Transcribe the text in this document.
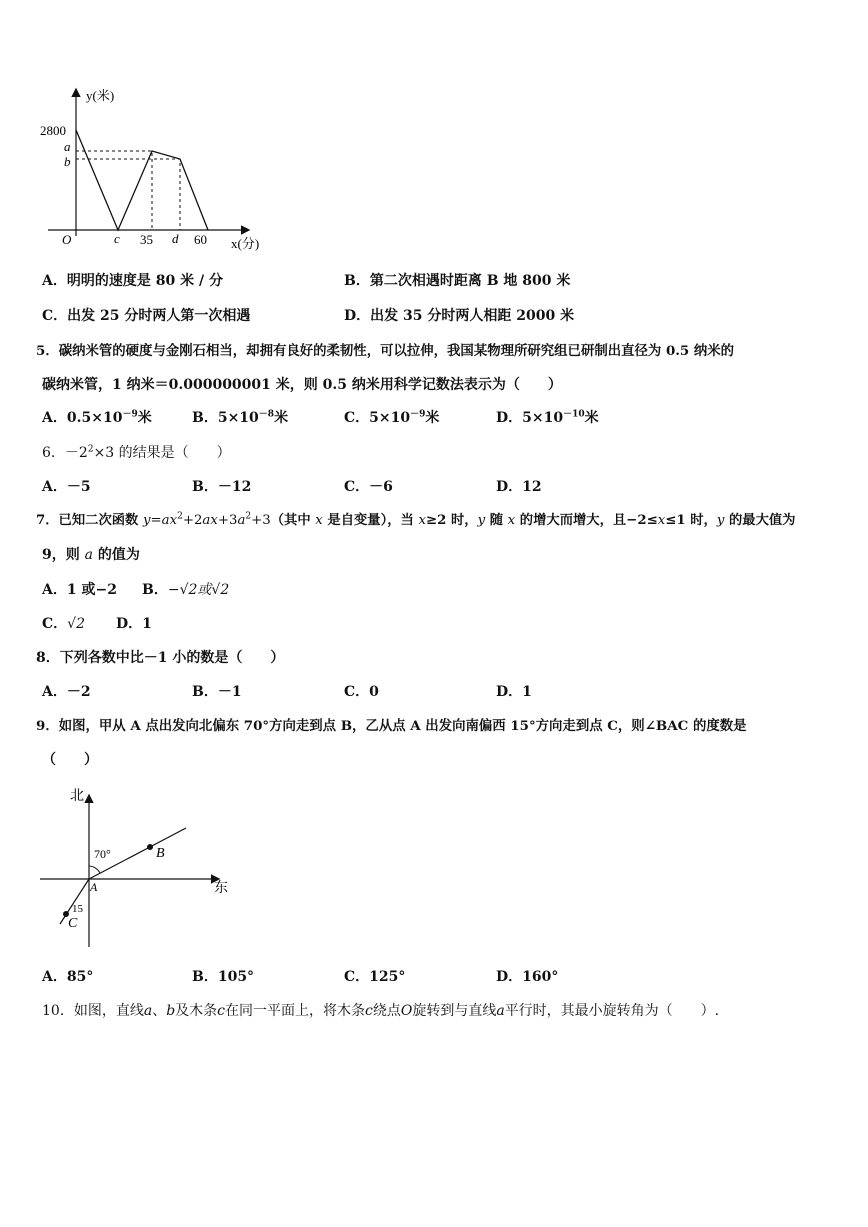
y(米)
x(分)
2800
a
b
O	c 35 d 60
A．明明的速度是 80 米 / 分	B．第二次相遇时距离 B 地 800 米
C．出发 25 分时两人第一次相遇	D．出发 35 分时两人相距 2000 米
5．碳纳米管的硬度与金刚石相当，却拥有良好的柔韧性，可以拉伸，我国某物理所研究组已研制出直径为 0.5 纳米的
碳纳米管，1 纳米＝0.000000001 米，则 0.5 纳米用科学记数法表示为（　　）
A．$0.5\times 10^{-9}$米	B．$5\times 10^{-8}$米	C．$5\times 10^{-9}$米	D．$5\times 10^{-10}$米
6．$-2^2\times 3$ 的结果是（　　）
A．－5	B．－12	C．－6	D．12
7．已知二次函数 $y=ax^2+2ax+3a^2+3$（其中 x 是自变量），当 x≥2 时，y 随 x 的增大而增大，且−2≤x≤1 时，y 的最大值为
9，则 a 的值为
A．1 或−2 B．−√2或√2
C．√2 D．1
8．下列各数中比－1 小的数是（　　）
A．－2	B．－1	C．0	D．1
9．如图，甲从 A 点出发向北偏东 70°方向走到点 B，乙从点 A 出发向南偏西 15°方向走到点 C，则∠BAC 的度数是
（　　）
北
东
70°
15
A
B
C
A．85°	B．105°	C．125°	D．160°
10．如图，直线a、b及木条c在同一平面上，将木条c绕点O旋转到与直线a平行时，其最小旋转角为（　　）.
